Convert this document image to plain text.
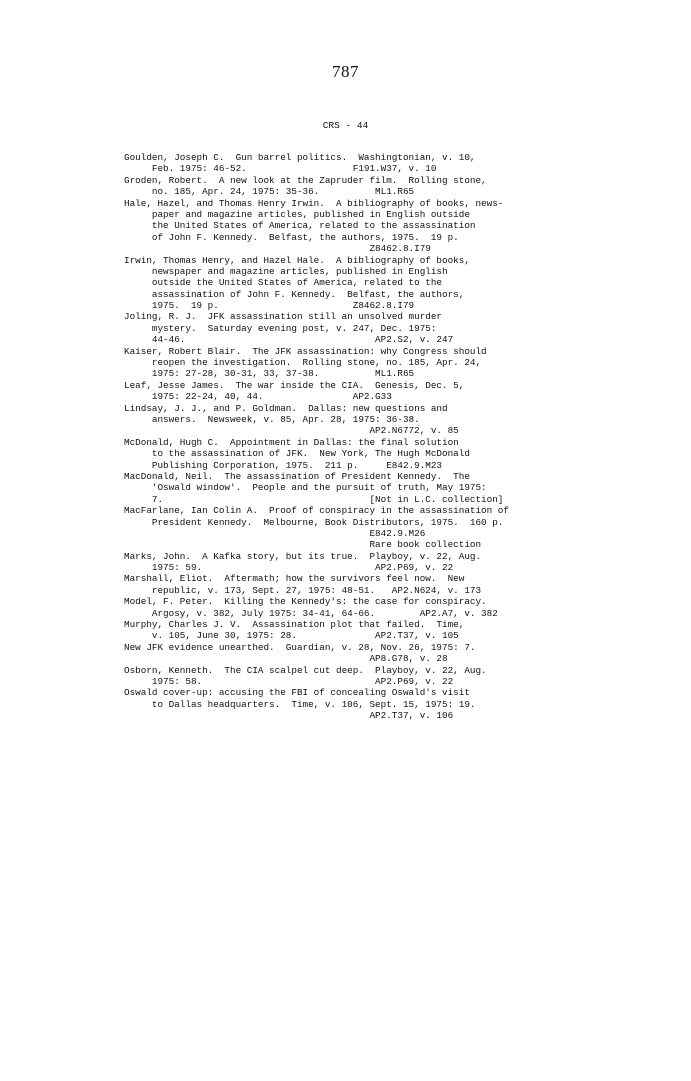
787
CRS - 44
Goulden, Joseph C.  Gun barrel politics.  Washingtonian, v. 10,
Feb. 1975: 46-52.                   F191.W37, v. 10
Groden, Robert.  A new look at the Zapruder film.  Rolling stone,
no. 185, Apr. 24, 1975: 35-36.          ML1.R65
Hale, Hazel, and Thomas Henry Irwin.  A bibliography of books, news-
paper and magazine articles, published in English outside
the United States of America, related to the assassination
of John F. Kennedy.  Belfast, the authors, 1975.  19 p.
Z8462.8.I79
Irwin, Thomas Henry, and Hazel Hale.  A bibliography of books,
newspaper and magazine articles, published in English
outside the United States of America, related to the
assassination of John F. Kennedy.  Belfast, the authors,
1975.  19 p.                        Z8462.8.I79
Joling, R. J.  JFK assassination still an unsolved murder
mystery.  Saturday evening post, v. 247, Dec. 1975:
44-46.                                  AP2.S2, v. 247
Kaiser, Robert Blair.  The JFK assassination: why Congress should
reopen the investigation.  Rolling stone, no. 185, Apr. 24,
1975: 27-28, 30-31, 33, 37-38.          ML1.R65
Leaf, Jesse James.  The war inside the CIA.  Genesis, Dec. 5,
1975: 22-24, 40, 44.                AP2.G33
Lindsay, J. J., and P. Goldman.  Dallas: new questions and
answers.  Newsweek, v. 85, Apr. 28, 1975: 36-38.
AP2.N6772, v. 85
McDonald, Hugh C.  Appointment in Dallas: the final solution
to the assassination of JFK.  New York, The Hugh McDonald
Publishing Corporation, 1975.  211 p.     E842.9.M23
MacDonald, Neil.  The assassination of President Kennedy.  The
'Oswald window'.  People and the pursuit of truth, May 1975:
7.                                     [Not in L.C. collection]
MacFarlane, Ian Colin A.  Proof of conspiracy in the assassination of
President Kennedy.  Melbourne, Book Distributors, 1975.  160 p.
E842.9.M26
Rare book collection
Marks, John.  A Kafka story, but its true.  Playboy, v. 22, Aug.
1975: 59.                               AP2.P69, v. 22
Marshall, Eliot.  Aftermath; how the survivors feel now.  New
republic, v. 173, Sept. 27, 1975: 48-51.   AP2.N624, v. 173
Model, F. Peter.  Killing the Kennedy's: the case for conspiracy.
Argosy, v. 382, July 1975: 34-41, 64-66.        AP2.A7, v. 382
Murphy, Charles J. V.  Assassination plot that failed.  Time,
v. 105, June 30, 1975: 28.              AP2.T37, v. 105
New JFK evidence unearthed.  Guardian, v. 28, Nov. 26, 1975: 7.
AP8.G78, v. 28
Osborn, Kenneth.  The CIA scalpel cut deep.  Playboy, v. 22, Aug.
1975: 58.                               AP2.P69, v. 22
Oswald cover-up: accusing the FBI of concealing Oswald's visit
to Dallas headquarters.  Time, v. 106, Sept. 15, 1975: 19.
AP2.T37, v. 106
